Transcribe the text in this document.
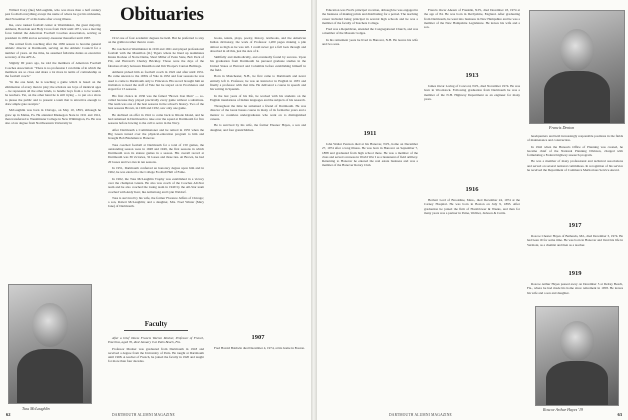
Obituaries

Willard Ivory (Ike) McLaughlin, who was more than a half century past football everything except the name of where he got his nickname, died November 27 at his home after a long illness.

Ike, once ranked football center at Westminster, the great majority, Amherst, Bowdoin and Holy Cross from 1922 until 1971, was a moving force behind the American Football Coaches Association, serving as president in 1936 and as secretary-treasurer thereafter until 1967.

The retired from coaching after the 1936 season to become general athletic director at Dartmouth, serving on the Athletic Council for a number of years. At the time, he assumed full-time duties as executive secretary of the AFCA.

Slightly 90 years ago, he told the members of American Football Coaches Association: "There is no profession I can think of in which the members are so close and share a lot more in terms of comradeship as the football coach."

"In the one hand, he is teaching a game which is based on the elimination of every man in play; the scholars are boys of identical ages ... he represents all the other kinds, to handle boys from a to be would-be teachers. Yet, on the other hand he is still trying ... to put on a show to please the public and to present a team that is attractive enough to draw ample gate receipts."

McLaughlin was born in Chicago, on May 10, 1893, although he grew up in Maine, Pa. He attended Muskegon State in 1911 and 1912, then transferred to Westminster College in New Wilmington, Pa. He was also a law degree from Northwestern University in

Tuss McLaughlin

1912 one of four academic degrees he held. But he preferred to stay on the gridiron rather than in court.

He coached at Westminster in 1916 and 1921 and played professional football with the Massillon (O.) Tigers where he lined up teammates Knute Rockne of Notre Dame, Short Miller of Penn State, Bob Peck of Pitt, and Harvard's Charley Brickley. Those were the days of the fabulous rivalry between Massillon and Jim Thorpe's Canton Bulldogs.

Amherst picked him as football coach in 1922 and after until 1931. He came uneven to the 1930s of Yale in 1932 and four seasons he was used to come to Dartmouth only to Princeton. His record brought him an invitation to head the staff of Yale but he stayed on in Providence and stayed for 15 seasons.

His first choice in 1936 was the famed "Brown Iron Men" — so-called because they played practically every game without a substitute. The team was one of the best seasons in the school's history. Two of the best seasons Brown, in 1926 and 1932, saw only one game.

He declined an offer in 1941 to come back to Rhode Island, and he had remained in Dartmouth to take over the squad at Dartmouth for five seasons before bowing to the call to serve in the Navy.

After Dartmouth a Commissioner and he retired in 1955 when the Big Green turned over the physical-education program to him and brought Bob Blackman to Hanover.

Tuss coached football at Dartmouth for a total of 150 games, the outstanding season were in 1948 and 1949, the first seasons in which Dartmouth won its stature games in a season. His overall record at Dartmouth was 36 victories, 32 losses and three ties. At Brown, he had 20 losses and two ties in ten seasons.

In 1951, Dartmouth conferred an honorary degree upon him and in 1962, he was elected to the College Football Hall of Fame.

In 1962, the Tuss McLaughlin Trophy was established in a victory over the champion Giants. He also was coach of the Coaches All-Star team and he also coached the losing team in 1949 by the All-Star team coached with Andy Kerr, Ike Armstrong and Lynn Waldorf.

Tuss is survived by his wife, the former Florence Jeffers of Chicago; a son, Robert McLaughlin; and a daughter, Mrs. Noel Winter (Mary Jane) of Dartmouth.

Faculty

After a brief illness Francis Warren Mosher, Professor of French, Emeritus, aged 76, died January 9 at Palm Beach, Fla.

Professor Mosher was graduated from Dartmouth in 1918 and received a degree from the University of Paris. He taught at Dartmouth until 1968. A teacher of French, he joined the faculty in 1920 and taught for more than four decades.

books, tennis, plays, poetry, history, textbooks, and the American Indian dictionary, the work of Professor 1,200 pages making a pile almost as high as he was tall. I could never get a full look through and absorbed in all this, just the size of it.

Skillfully and methodically, and eventually found by success. Upon his graduation from Dartmouth he pursued graduate studies in the United States at Harvard and Columbia before establishing himself in the field.

Born in Manchester, N.H., he first came to Dartmouth and never entirely left it. Professor, he was an instructor in English in 1935 and finally a professor with that title. He delivered a course in speech and his writing in Spanish.

In the last years of his life, he worked with his students on the English translations of Indian languages and the subjects of his research.

Throughout the time he remained a friend of Dartmouth. He was director of the Great Issues course in many of its formative years and a mentor to countless undergraduates who went on to distinguished careers.

He is survived by his wife, the former Eleanor Hayes, a son and daughter, and four grandchildren.

1907

Fred Harold Baldwin died December 4, 1974, at his home in Boston.

62	DARTMOUTH ALUMNI MAGAZINE

Education was Fred's principal vocation, although he was engaged in the business of making prints and distributing for a period. The teaching career included being principal in several high schools and he was a member of the faculty of Teachers College.

Fred was a Republican, attended the Congregational Church, and was a member of the Masonic lodges.

In his retirement years he lived in Hanover, N.H. He leaves his wife and two sons.

1911

John Walter Pearson died at his Hanover, N.H., home on December 27, 1974 after a long illness. He was born in Hanover on September 7, 1888 and graduated from high school there. He was a member of the class and served overseas in World War I as a lieutenant of field artillery. Returning to Hanover he entered the real estate business and was a member of the Hanover Rotary Club.

Francis Oscar Ahearn of Franklin, N.H., died December 18, 1974 at the age of 84. He was born in Derbyshire, England. After graduating from Dartmouth, he went into business in New Hampshire and he was a member of the New Hampshire Legislature. He leaves his wife and a son.

1913

James Oscar Loring of Concord, N.H., died November 1974. He was born in Woodstock. Following graduation from Dartmouth he was a member of the N.H. Highway Department as an engineer for many years.

1916

Herbert Lord of Brookline, Mass., died December 24, 1974 at the Carney Hospital. He was born in Boston on July 9, 1893. After graduation he joined the firm of Hornblower & Weeks, and then for many years was a partner in Paine, Webber, Jackson & Curtis.

Francis Denton

headquarters and held increasingly responsible positions in the fields of maintenance and construction.

In 1942 when the Bureau's Office of Planning was created, he became chief of the National Planning Division, charged with formulating a Federal highway research program.

He was a member of many professional and technical associations and served on several national committees. In recognition of his service he received the Department of Commerce Meritorious Service Award.

1917

Roscoe Chester Hayes of Bethesda, Md., died December 3, 1974. He had been ill for some time. He was born in Hanover and lived his life in Vermont, as a chemist and then as a teacher.

1919

Roscoe Arthur Hayes passed away on December 5 at Delray Beach, Fla., where he had made his home since retirement in 1958. He leaves his wife and a son and daughter.

Roscoe Arthur Hayes '19
DARTMOUTH ALUMNI MAGAZINE	63
